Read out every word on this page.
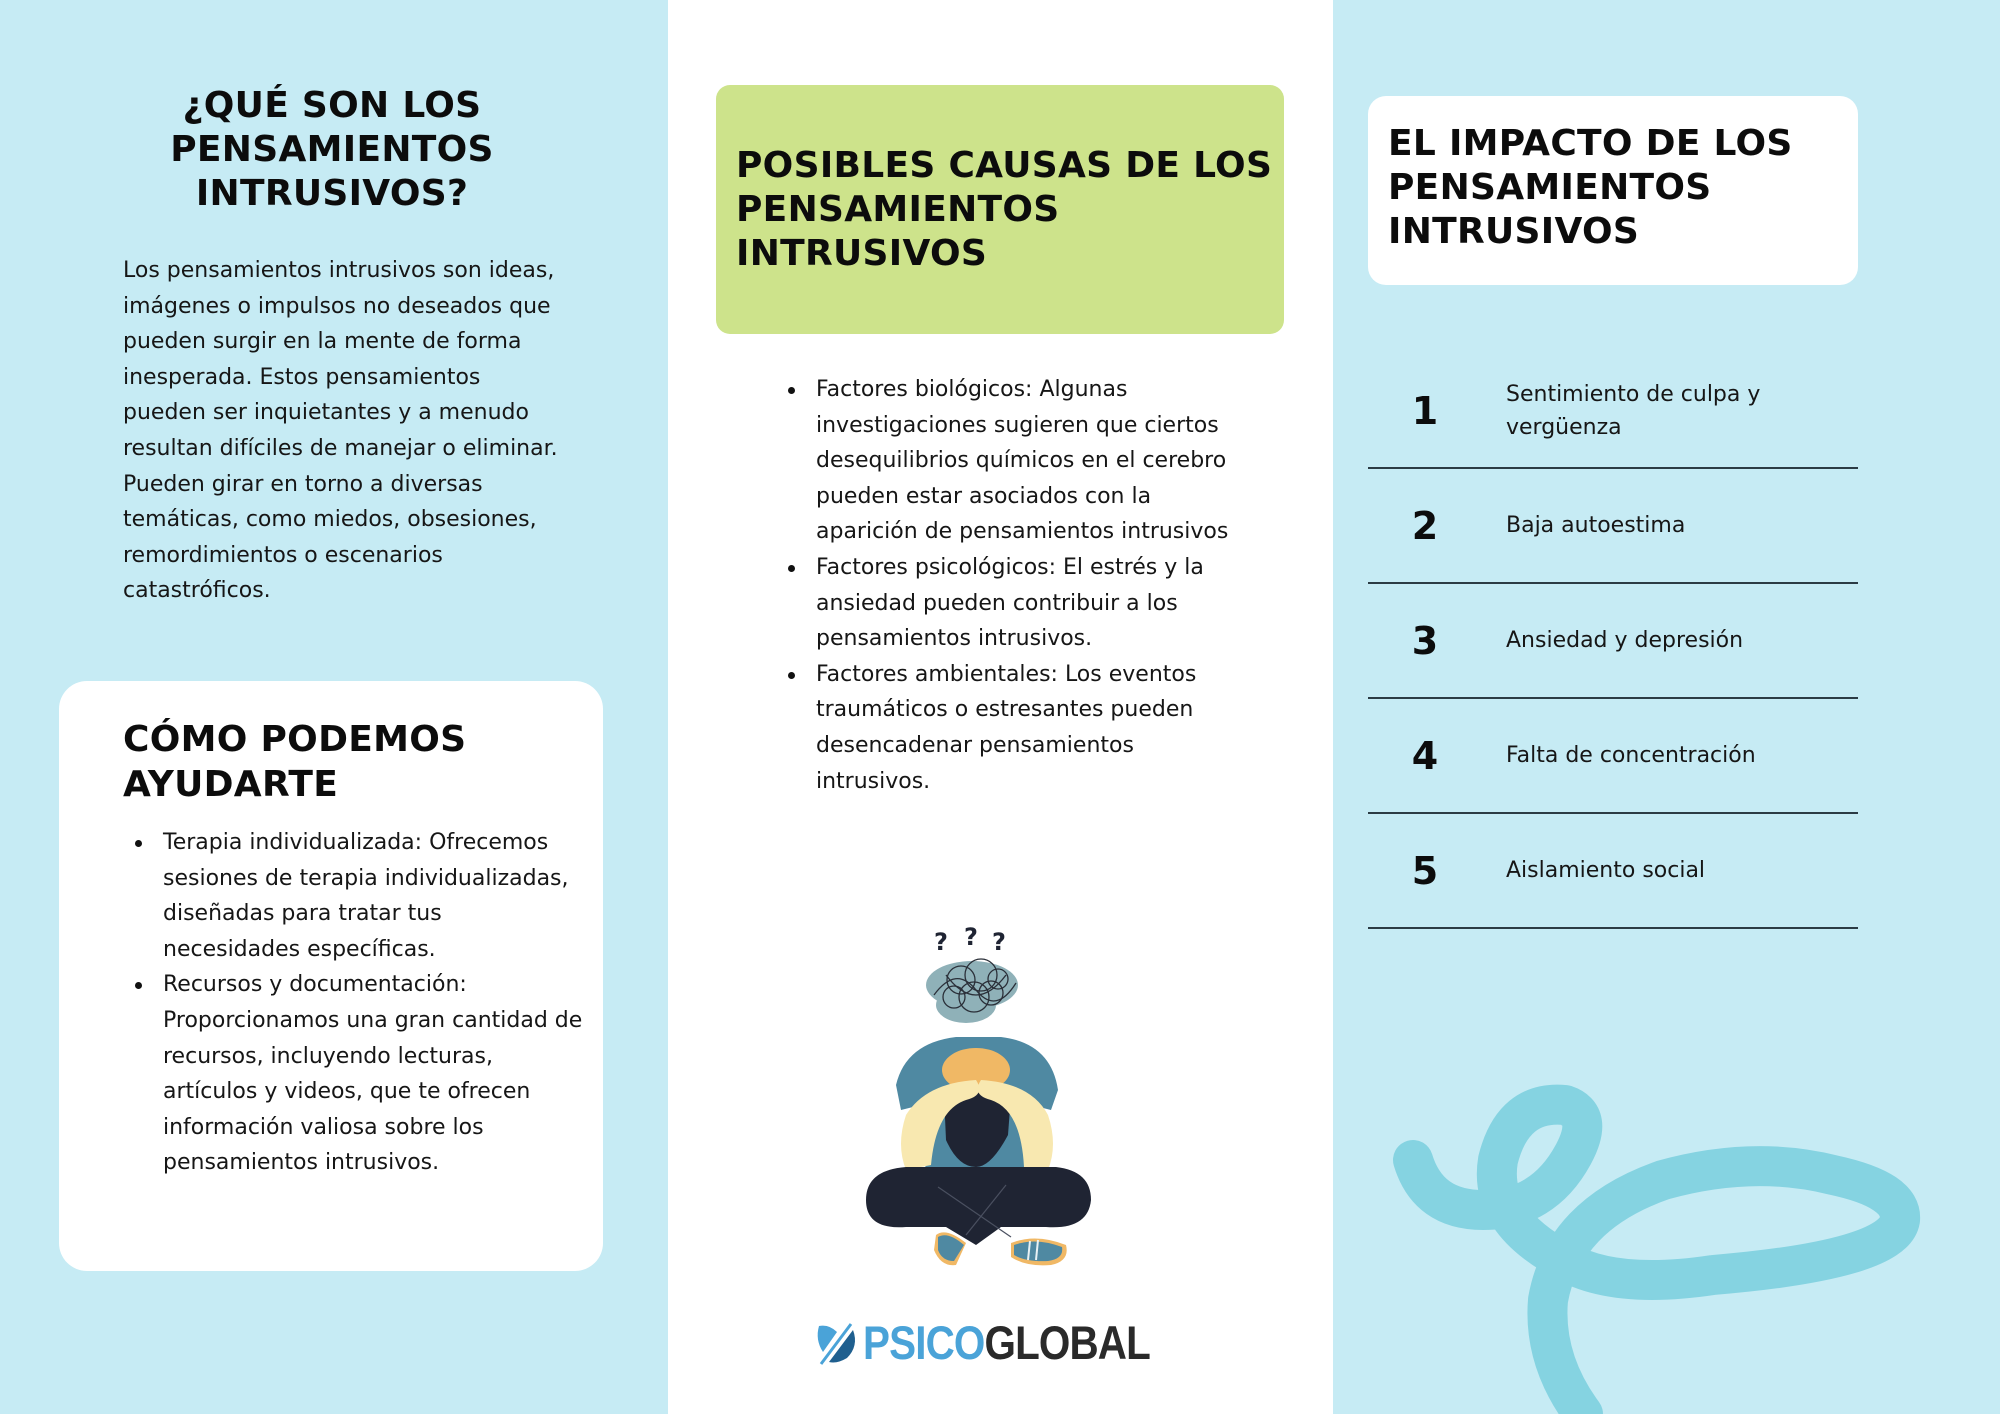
¿QUÉ SON LOS PENSAMIENTOS INTRUSIVOS?

Los pensamientos intrusivos son ideas, imágenes o impulsos no deseados que pueden surgir en la mente de forma inesperada. Estos pensamientos pueden ser inquietantes y a menudo resultan difíciles de manejar o eliminar. Pueden girar en torno a diversas temáticas, como miedos, obsesiones, remordimientos o escenarios catastróficos.

CÓMO PODEMOS AYUDARTE
Terapia individualizada: Ofrecemos sesiones de terapia individualizadas, diseñadas para tratar tus necesidades específicas.
Recursos y documentación: Proporcionamos una gran cantidad de recursos, incluyendo lecturas, artículos y videos, que te ofrecen información valiosa sobre los pensamientos intrusivos.
POSIBLES CAUSAS DE LOS PENSAMIENTOS INTRUSIVOS
Factores biológicos: Algunas investigaciones sugieren que ciertos desequilibrios químicos en el cerebro pueden estar asociados con la aparición de pensamientos intrusivos
Factores psicológicos: El estrés y la ansiedad pueden contribuir a los pensamientos intrusivos.
Factores ambientales: Los eventos traumáticos o estresantes pueden desencadenar pensamientos intrusivos.
? ? ?
PSICOGLOBAL
EL IMPACTO DE LOS PENSAMIENTOS INTRUSIVOS
1	Sentimiento de culpa y vergüenza
2	Baja autoestima
3	Ansiedad y depresión
4	Falta de concentración
5	Aislamiento social
